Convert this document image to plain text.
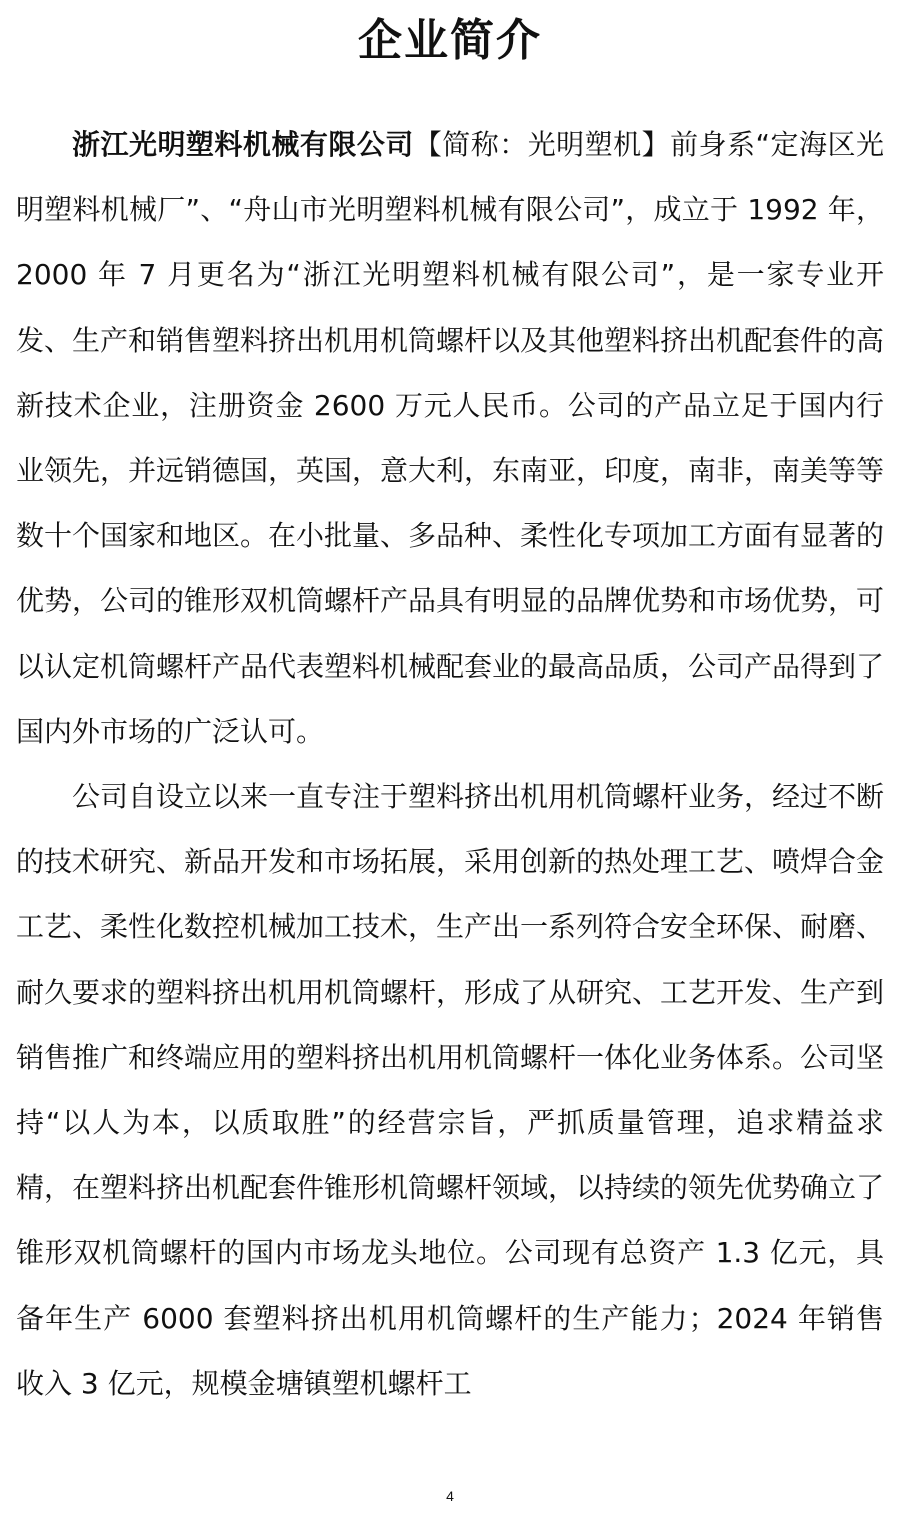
企业简介

浙江光明塑料机械有限公司【简称：光明塑机】前身系“定海区光明塑料机械厂”、“舟山市光明塑料机械有限公司”，成立于 1992 年，2000 年 7 月更名为“浙江光明塑料机械有限公司”，是一家专业开发、生产和销售塑料挤出机用机筒螺杆以及其他塑料挤出机配套件的高新技术企业，注册资金 2600 万元人民币。公司的产品立足于国内行业领先，并远销德国，英国，意大利，东南亚，印度，南非，南美等等数十个国家和地区。在小批量、多品种、柔性化专项加工方面有显著的优势，公司的锥形双机筒螺杆产品具有明显的品牌优势和市场优势，可以认定机筒螺杆产品代表塑料机械配套业的最高品质，公司产品得到了国内外市场的广泛认可。

公司自设立以来一直专注于塑料挤出机用机筒螺杆业务，经过不断的技术研究、新品开发和市场拓展，采用创新的热处理工艺、喷焊合金工艺、柔性化数控机械加工技术，生产出一系列符合安全环保、耐磨、耐久要求的塑料挤出机用机筒螺杆，形成了从研究、工艺开发、生产到销售推广和终端应用的塑料挤出机用机筒螺杆一体化业务体系。公司坚持“以人为本，以质取胜”的经营宗旨，严抓质量管理，追求精益求精，在塑料挤出机配套件锥形机筒螺杆领域，以持续的领先优势确立了锥形双机筒螺杆的国内市场龙头地位。公司现有总资产 1.3 亿元，具备年生产 6000 套塑料挤出机用机筒螺杆的生产能力；2024 年销售收入 3 亿元，规模金塘镇塑机螺杆工

4
